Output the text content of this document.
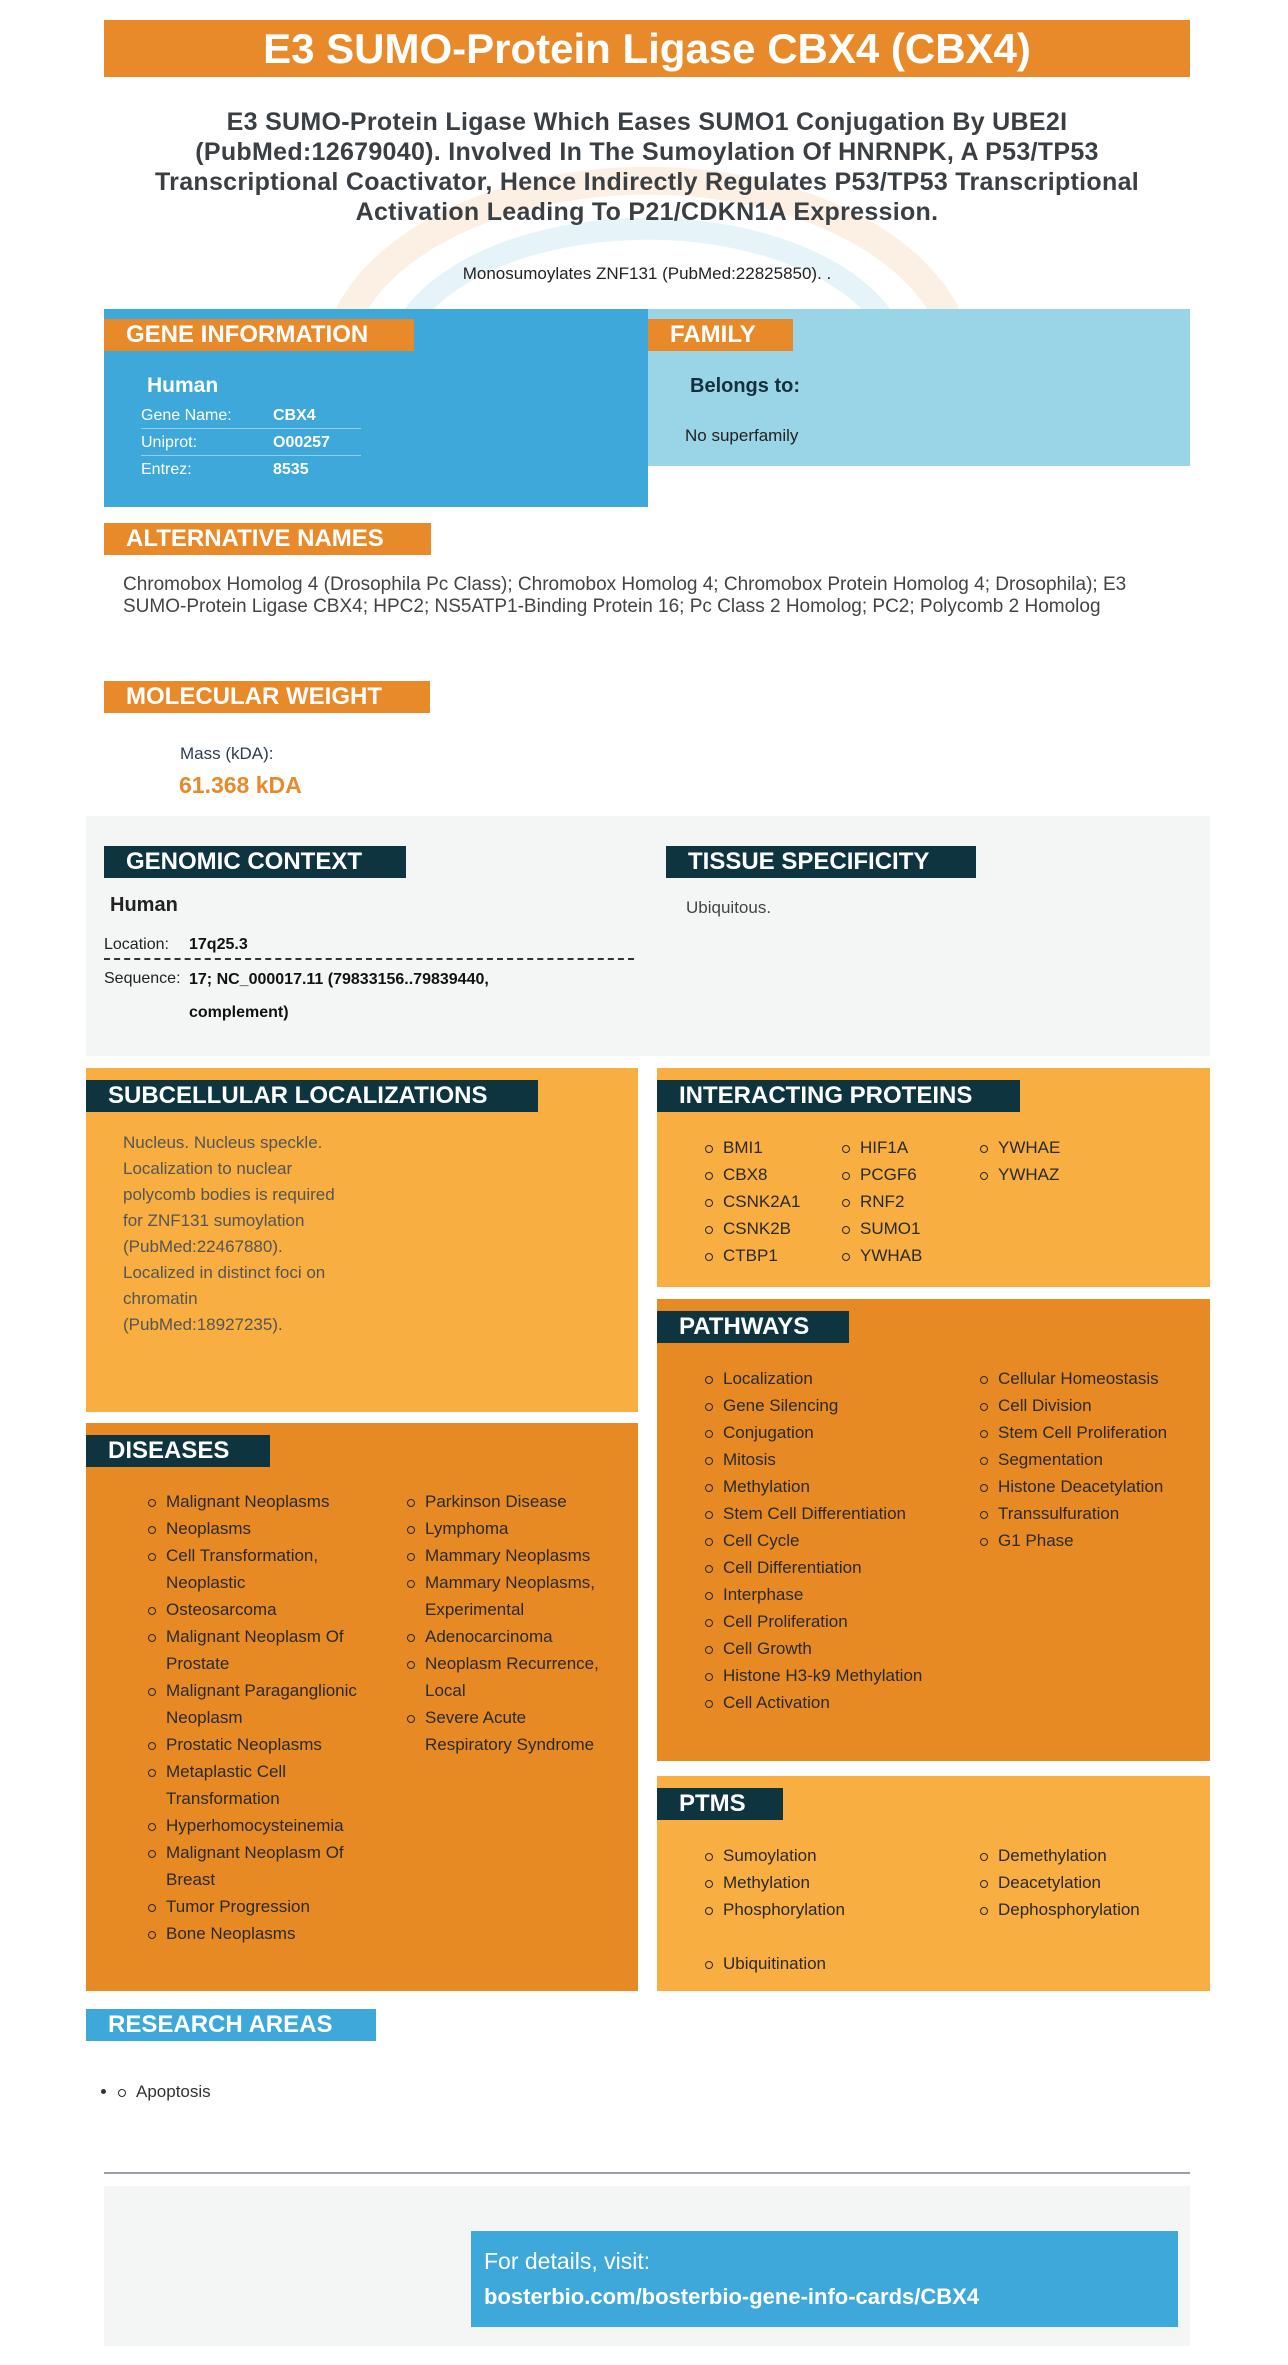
E3 SUMO-Protein Ligase CBX4 (CBX4)
E3 SUMO-Protein Ligase Which Eases SUMO1 Conjugation By UBE2I (PubMed:12679040). Involved In The Sumoylation Of HNRNPK, A P53/TP53 Transcriptional Coactivator, Hence Indirectly Regulates P53/TP53 Transcriptional Activation Leading To P21/CDKN1A Expression.
Monosumoylates ZNF131 (PubMed:22825850). .
GENE INFORMATION
Human
Gene Name:	CBX4
Uniprot:	O00257
Entrez:	8535
FAMILY
Belongs to:
No superfamily
ALTERNATIVE NAMES
Chromobox Homolog 4 (Drosophila Pc Class); Chromobox Homolog 4; Chromobox Protein Homolog 4; Drosophila); E3 SUMO-Protein Ligase CBX4; HPC2; NS5ATP1-Binding Protein 16; Pc Class 2 Homolog; PC2; Polycomb 2 Homolog
MOLECULAR WEIGHT
Mass (kDA):
61.368 kDA
GENOMIC CONTEXT
Human
Location: 17q25.3
Sequence: 17; NC_000017.11 (79833156..79839440, complement)
TISSUE SPECIFICITY
Ubiquitous.
SUBCELLULAR LOCALIZATIONS
Nucleus. Nucleus speckle. Localization to nuclear polycomb bodies is required for ZNF131 sumoylation (PubMed:22467880). Localized in distinct foci on chromatin (PubMed:18927235).
INTERACTING PROTEINS
BMI1
CBX8
CSNK2A1
CSNK2B
CTBP1
HIF1A
PCGF6
RNF2
SUMO1
YWHAB
YWHAE
YWHAZ
DISEASES
Malignant Neoplasms
Neoplasms
Cell Transformation, Neoplastic
Osteosarcoma
Malignant Neoplasm Of Prostate
Malignant Paraganglionic Neoplasm
Prostatic Neoplasms
Metaplastic Cell Transformation
Hyperhomocysteinemia
Malignant Neoplasm Of Breast
Tumor Progression
Bone Neoplasms
Parkinson Disease
Lymphoma
Mammary Neoplasms
Mammary Neoplasms, Experimental
Adenocarcinoma
Neoplasm Recurrence, Local
Severe Acute Respiratory Syndrome
PATHWAYS
Localization
Gene Silencing
Conjugation
Mitosis
Methylation
Stem Cell Differentiation
Cell Cycle
Cell Differentiation
Interphase
Cell Proliferation
Cell Growth
Histone H3-k9 Methylation
Cell Activation
Cellular Homeostasis
Cell Division
Stem Cell Proliferation
Segmentation
Histone Deacetylation
Transsulfuration
G1 Phase
PTMS
Sumoylation
Methylation
Phosphorylation
Demethylation
Deacetylation
Dephosphorylation
Ubiquitination
RESEARCH AREAS
• Apoptosis
For details, visit:
bosterbio.com/bosterbio-gene-info-cards/CBX4
